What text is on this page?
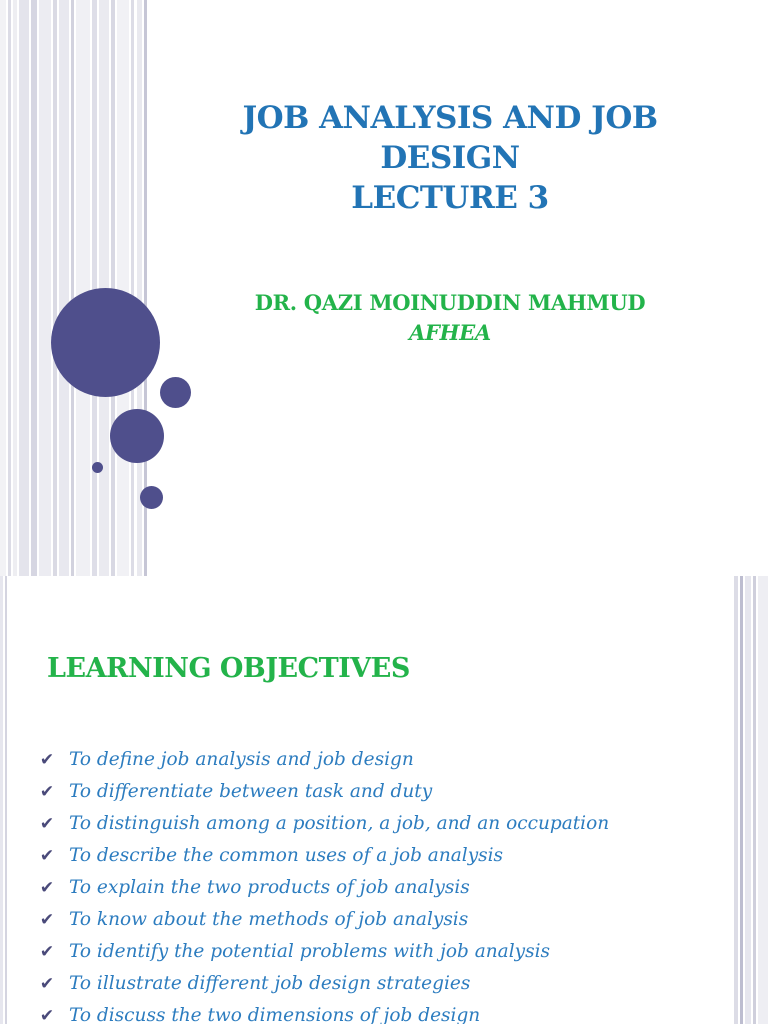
JOB ANALYSIS AND JOB
DESIGN
LECTURE 3
DR. QAZI MOINUDDIN MAHMUD
AFHEA
LEARNING OBJECTIVES
✔ To define job analysis and job design
✔ To differentiate between task and duty
✔ To distinguish among a position, a job, and an occupation
✔ To describe the common uses of a job analysis
✔ To explain the two products of job analysis
✔ To know about the methods of job analysis
✔ To identify the potential problems with job analysis
✔ To illustrate different job design strategies
✔ To discuss the two dimensions of job design
